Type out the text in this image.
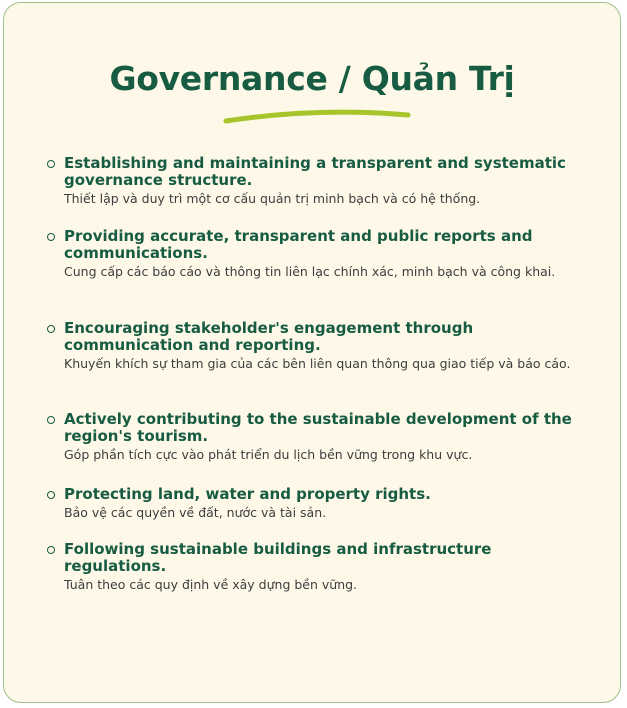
Governance / Quản Trị
Establishing and maintaining a transparent and systematic governance structure.
Thiết lập và duy trì một cơ cấu quản trị minh bạch và có hệ thống.
Providing accurate, transparent and public reports and communications.
Cung cấp các báo cáo và thông tin liên lạc chính xác, minh bạch và công khai.
Encouraging stakeholder's engagement through communication and reporting.
Khuyến khích sự tham gia của các bên liên quan thông qua giao tiếp và báo cáo.
Actively contributing to the sustainable development of the region's tourism.
Góp phần tích cực vào phát triển du lịch bền vững trong khu vực.
Protecting land, water and property rights.
Bảo vệ các quyền về đất, nước và tài sản.
Following sustainable buildings and infrastructure regulations.
Tuân theo các quy định về xây dựng bền vững.
